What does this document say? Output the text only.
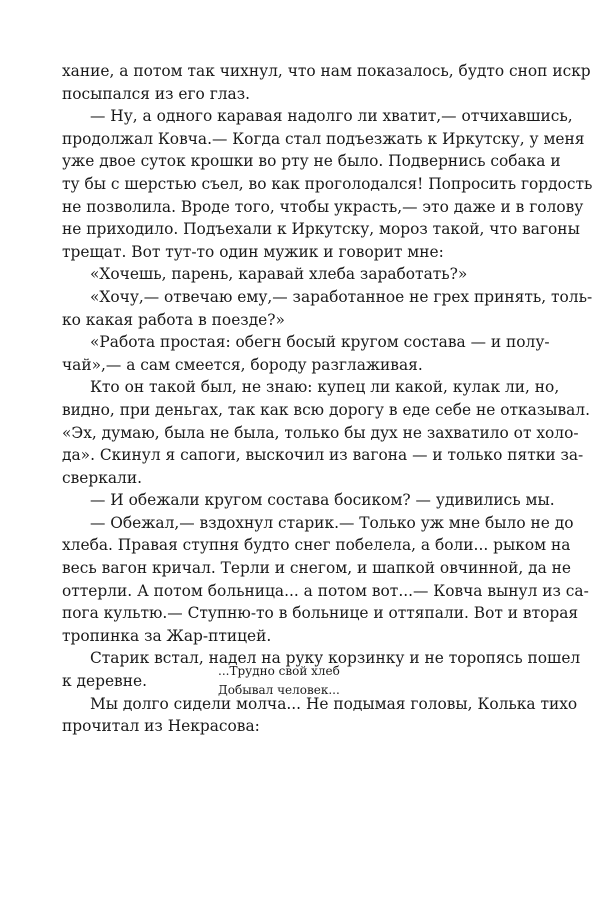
хание, а потом так чихнул, что нам показалось, будто сноп искр
посыпался из его глаз.
— Ну, а одного каравая надолго ли хватит,— отчихавшись,
продолжал Ковча.— Когда стал подъезжать к Иркутску, у меня
уже двое суток крошки во рту не было. Подвернись собака и
ту бы с шерстью съел, во как проголодался! Попросить гордость
не позволила. Вроде того, чтобы украсть,— это даже и в голову
не приходило. Подъехали к Иркутску, мороз такой, что вагоны
трещат. Вот тут-то один мужик и говорит мне:
«Хочешь, парень, каравай хлеба заработать?»
«Хочу,— отвечаю ему,— заработанное не грех принять, толь-
ко какая работа в поезде?»
«Работа простая: обегн босый кругом состава — и полу-
чай»,— а сам смеется, бороду разглаживая.
Кто он такой был, не знаю: купец ли какой, кулак ли, но,
видно, при деньгах, так как всю дорогу в еде себе не отказывал.
«Эх, думаю, была не была, только бы дух не захватило от холо-
да». Скинул я сапоги, выскочил из вагона — и только пятки за-
сверкали.
— И обежали кругом состава босиком? — удивились мы.
— Обежал,— вздохнул старик.— Только уж мне было не до
хлеба. Правая ступня будто снег побелела, а боли... рыком на
весь вагон кричал. Терли и снегом, и шапкой овчинной, да не
оттерли. А потом больница... а потом вот...— Ковча вынул из са-
пога культю.— Ступню-то в больнице и оттяпали. Вот и вторая
тропинка за Жар-птицей.
Старик встал, надел на руку корзинку и не торопясь пошел
к деревне.
Мы долго сидели молча... Не подымая головы, Колька тихо
прочитал из Некрасова:
...Трудно свой хлеб
Добывал человек...
